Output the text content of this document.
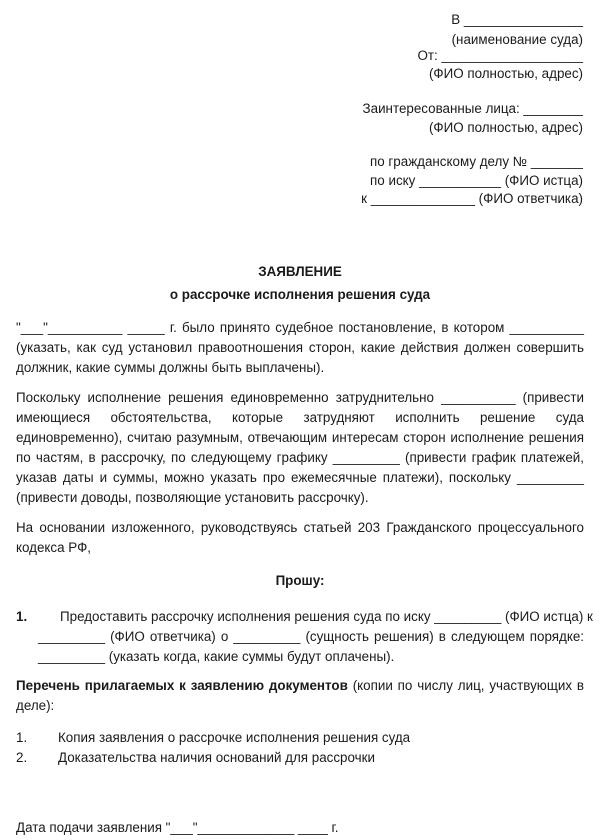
В ________________
(наименование суда)
От: ___________________
(ФИО полностью, адрес)
Заинтересованные лица: ________
(ФИО полностью, адрес)
по гражданскому делу № _______
по иску ___________ (ФИО истца)
к ______________ (ФИО ответчика)
ЗАЯВЛЕНИЕ
о рассрочке исполнения решения суда
"___"__________ _____ г. было принято судебное постановление, в котором __________
(указать, как суд установил правоотношения сторон, какие действия должен совершить
должник, какие суммы должны быть выплачены).
Поскольку исполнение решения единовременно затруднительно __________ (привести
имеющиеся обстоятельства, которые затрудняют исполнить решение суда
единовременно), считаю разумным, отвечающим интересам сторон исполнение решения
по частям, в рассрочку, по следующему графику _________ (привести график платежей,
указав даты и суммы, можно указать про ежемесячные платежи), поскольку _________
(привести доводы, позволяющие установить рассрочку).
На основании изложенного, руководствуясь статьей 203 Гражданского процессуального
кодекса РФ,
Прошу:
1.	Предоставить рассрочку исполнения решения суда по иску _________ (ФИО истца) к
_________ (ФИО ответчика) о _________ (сущность решения) в следующем порядке:
_________ (указать когда, какие суммы будут оплачены).
Перечень прилагаемых к заявлению документов (копии по числу лиц, участвующих в
деле):
1. Копия заявления о рассрочке исполнения решения суда
2. Доказательства наличия оснований для рассрочки
Дата подачи заявления "___"_____________ ____ г.
